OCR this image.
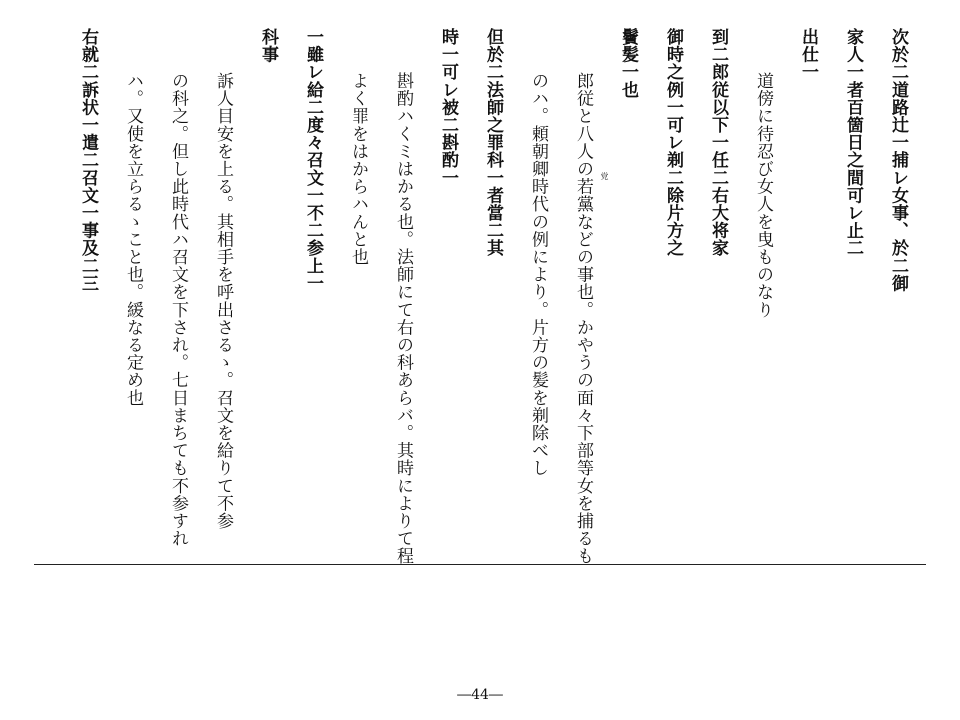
次於二道路辻一捕レ女事、於二御
家人一者百箇日之間可レ止二
出仕一
道傍に待忍び女人を曳ものなり
到二郎従以下一任二右大将家
御時之例一可レ剃二除片方之
鬢髪一也
郎従と八人の若黨などの事也。かやうの面々下部等女を捕るも 党
のハ。頼朝卿時代の例により。片方の髪を剃除べし
但於二法師之罪科一者當二其
時一可レ被二斟酌一
斟酌ハくミはかる也。法師にて右の科あらバ。其時によりて程
よく罪をはからハんと也
一雖レ給二度々召文一不二参上一
科事
訴人目安を上る。其相手を呼出さるゝ。召文を給りて不参
の科之。但し此時代ハ召文を下され。七日まちても不参すれ
ハ。又使を立らるゝこと也。緩なる定め也
右就二訴状一遣二召文一事及二三
―44―
